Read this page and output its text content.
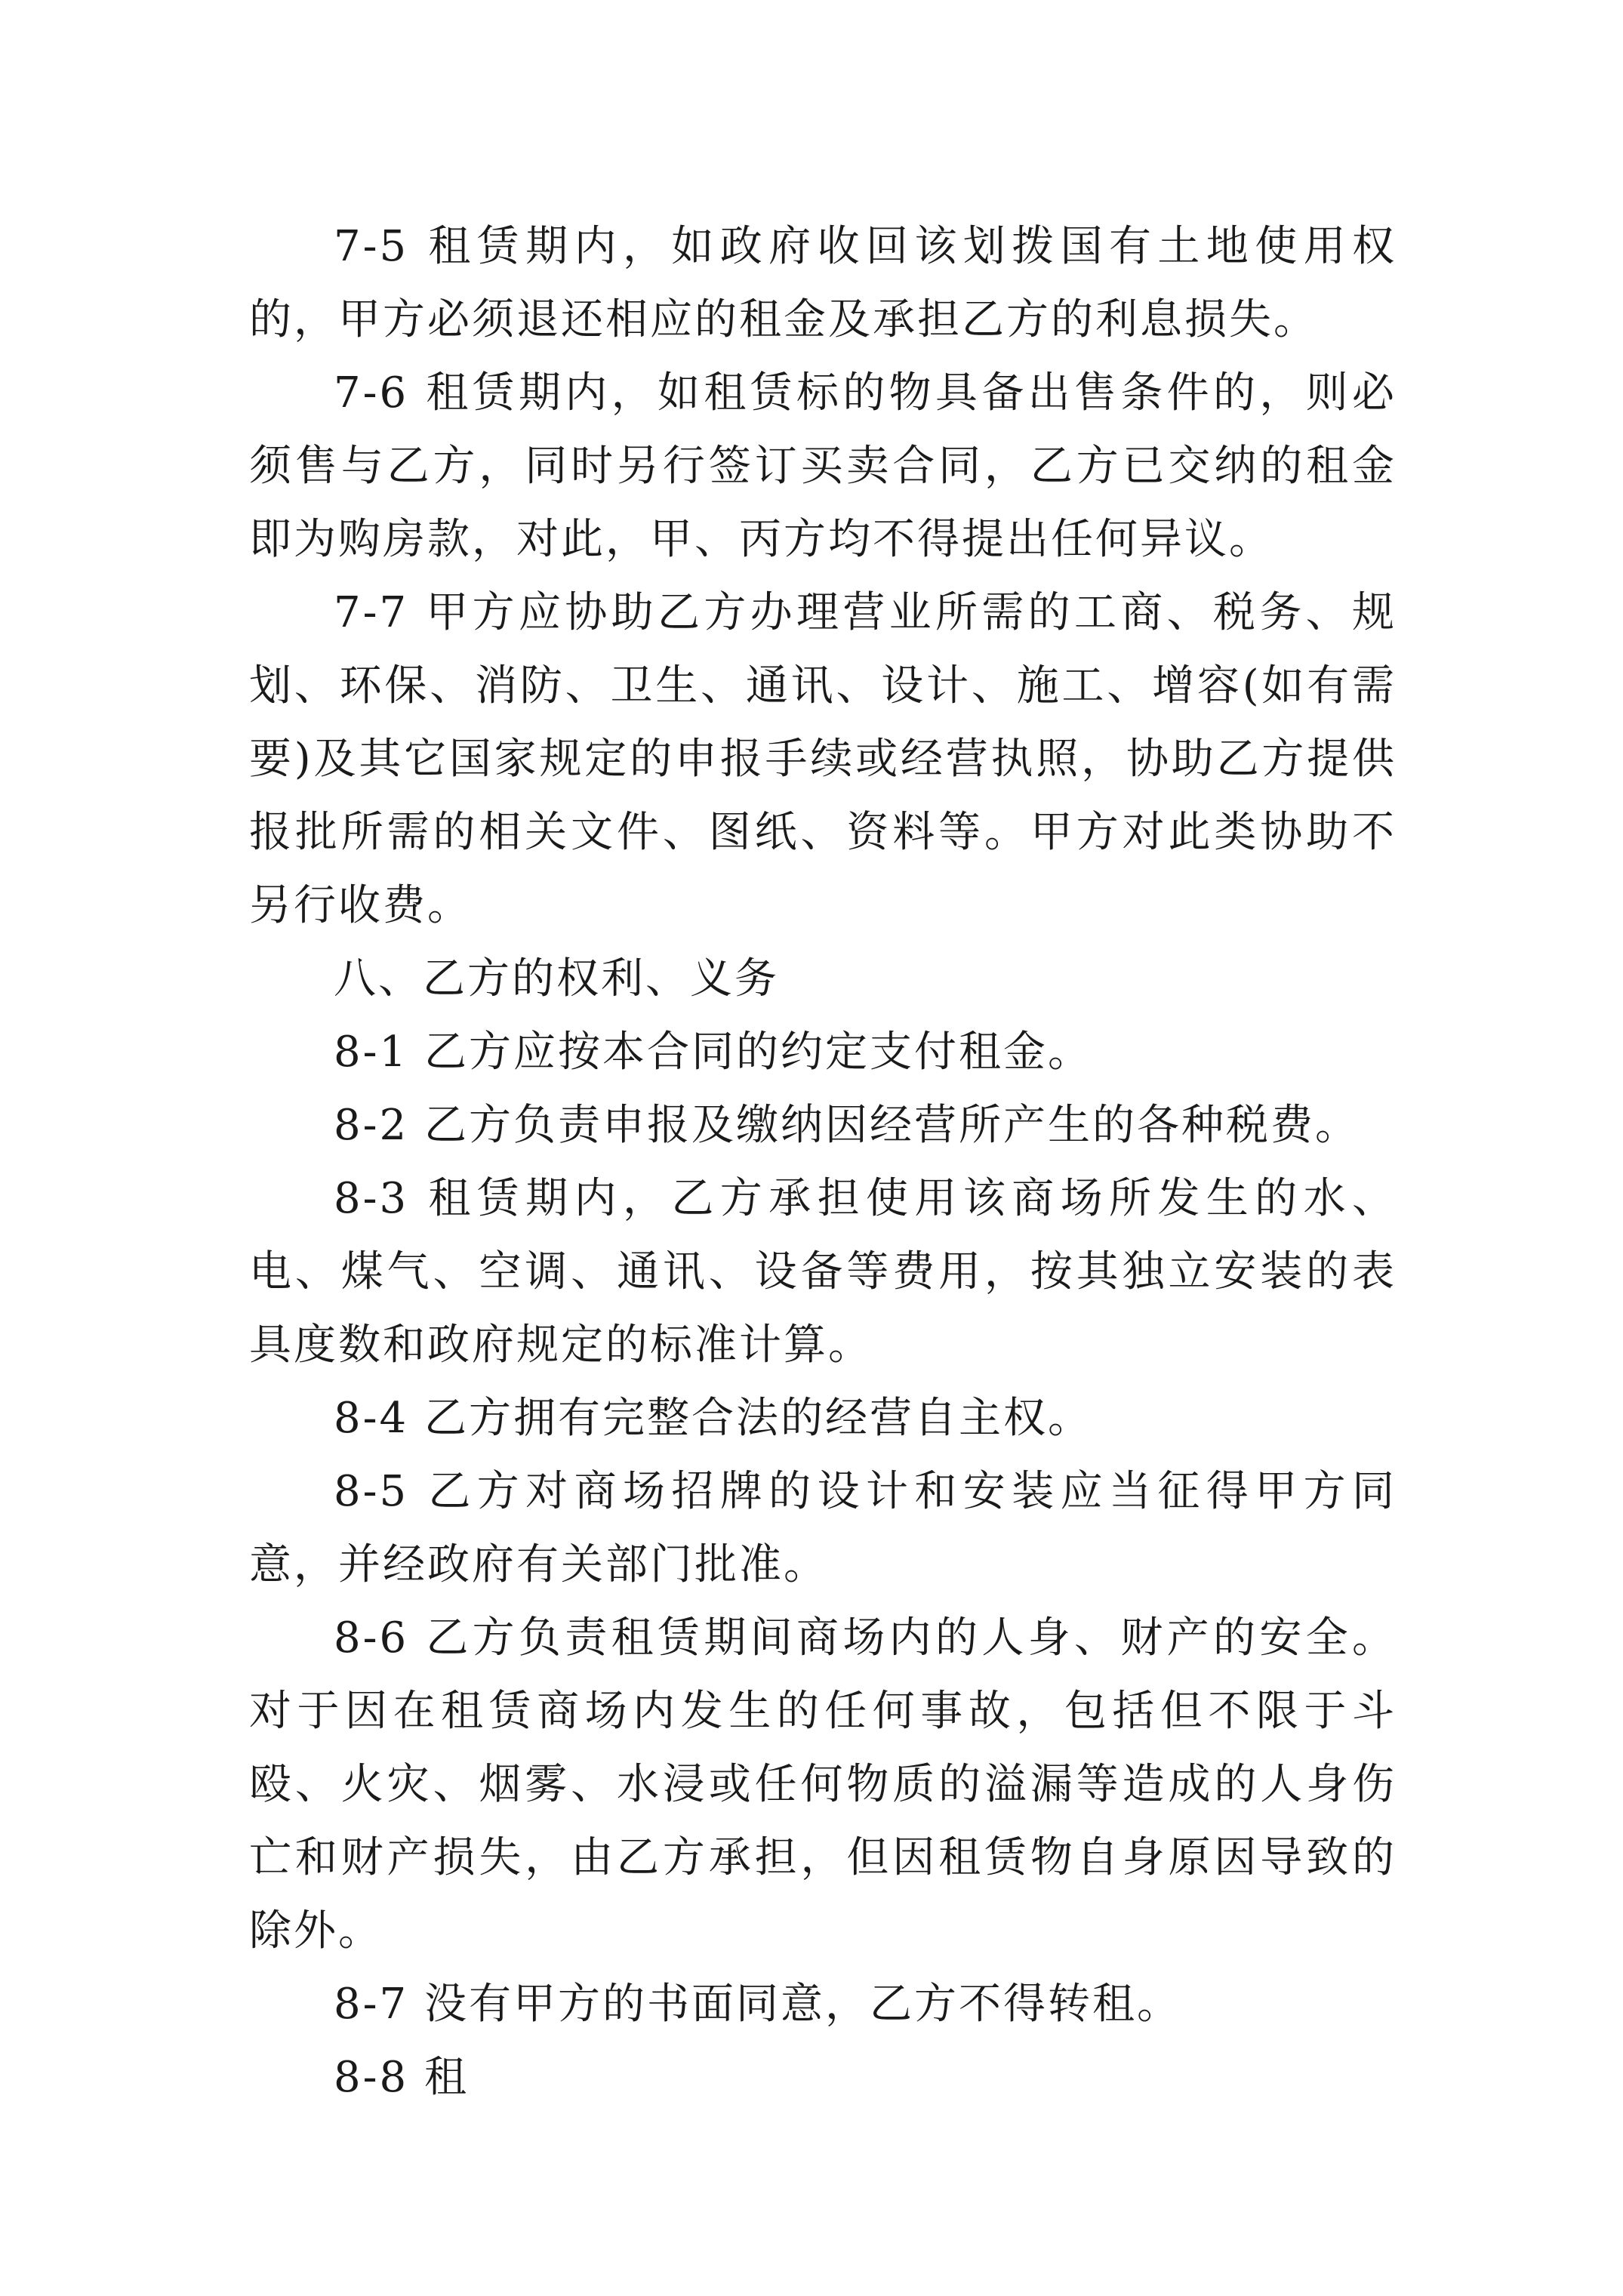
7-5 租赁期内，如政府收回该划拨国有土地使用权的，甲方必须退还相应的租金及承担乙方的利息损失。

7-6 租赁期内，如租赁标的物具备出售条件的，则必须售与乙方，同时另行签订买卖合同，乙方已交纳的租金即为购房款，对此，甲、丙方均不得提出任何异议。

7-7 甲方应协助乙方办理营业所需的工商、税务、规划、环保、消防、卫生、通讯、设计、施工、增容(如有需要)及其它国家规定的申报手续或经营执照，协助乙方提供报批所需的相关文件、图纸、资料等。甲方对此类协助不另行收费。

八、乙方的权利、义务

8-1 乙方应按本合同的约定支付租金。

8-2 乙方负责申报及缴纳因经营所产生的各种税费。

8-3 租赁期内，乙方承担使用该商场所发生的水、电、煤气、空调、通讯、设备等费用，按其独立安装的表具度数和政府规定的标准计算。

8-4 乙方拥有完整合法的经营自主权。

8-5 乙方对商场招牌的设计和安装应当征得甲方同意，并经政府有关部门批准。

8-6 乙方负责租赁期间商场内的人身、财产的安全。对于因在租赁商场内发生的任何事故，包括但不限于斗殴、火灾、烟雾、水浸或任何物质的溢漏等造成的人身伤亡和财产损失，由乙方承担，但因租赁物自身原因导致的除外。

8-7 没有甲方的书面同意，乙方不得转租。

8-8 租
